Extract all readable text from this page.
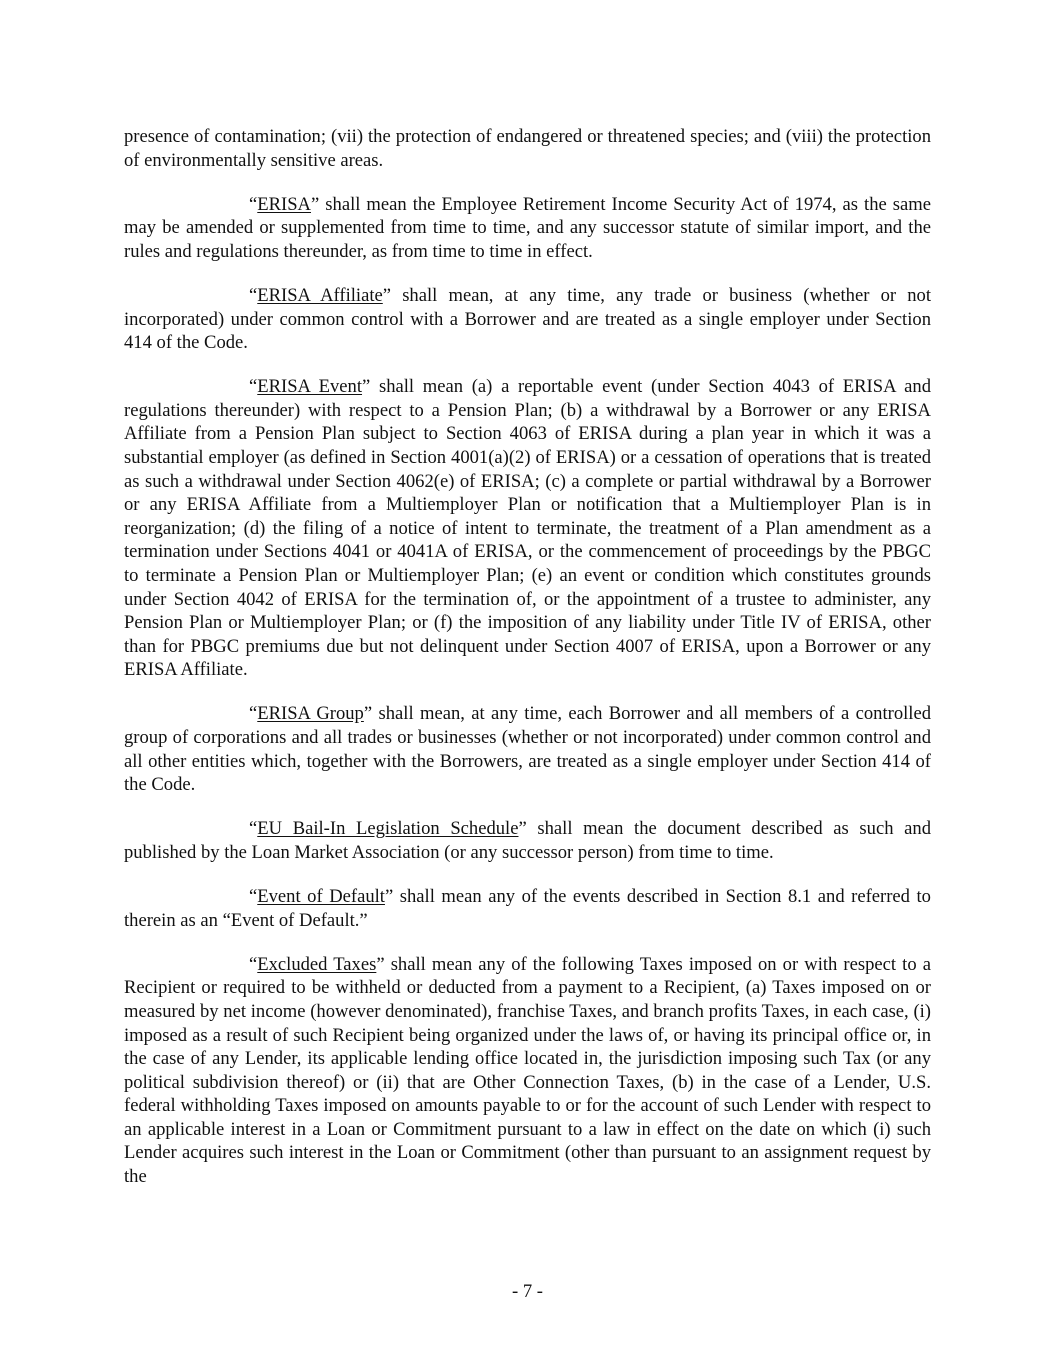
presence of contamination; (vii) the protection of endangered or threatened species; and (viii) the protection of environmentally sensitive areas.

“ERISA” shall mean the Employee Retirement Income Security Act of 1974, as the same may be amended or supplemented from time to time, and any successor statute of similar import, and the rules and regulations thereunder, as from time to time in effect.

“ERISA Affiliate” shall mean, at any time, any trade or business (whether or not incorporated) under common control with a Borrower and are treated as a single employer under Section 414 of the Code.

“ERISA Event” shall mean (a) a reportable event (under Section 4043 of ERISA and regulations thereunder) with respect to a Pension Plan; (b) a withdrawal by a Borrower or any ERISA Affiliate from a Pension Plan subject to Section 4063 of ERISA during a plan year in which it was a substantial employer (as defined in Section 4001(a)(2) of ERISA) or a cessation of operations that is treated as such a withdrawal under Section 4062(e) of ERISA; (c) a complete or partial withdrawal by a Borrower or any ERISA Affiliate from a Multiemployer Plan or notification that a Multiemployer Plan is in reorganization; (d) the filing of a notice of intent to terminate, the treatment of a Plan amendment as a termination under Sections 4041 or 4041A of ERISA, or the commencement of proceedings by the PBGC to terminate a Pension Plan or Multiemployer Plan; (e) an event or condition which constitutes grounds under Section 4042 of ERISA for the termination of, or the appointment of a trustee to administer, any Pension Plan or Multiemployer Plan; or (f) the imposition of any liability under Title IV of ERISA, other than for PBGC premiums due but not delinquent under Section 4007 of ERISA, upon a Borrower or any ERISA Affiliate.

“ERISA Group” shall mean, at any time, each Borrower and all members of a controlled group of corporations and all trades or businesses (whether or not incorporated) under common control and all other entities which, together with the Borrowers, are treated as a single employer under Section 414 of the Code.

“EU Bail-In Legislation Schedule” shall mean the document described as such and published by the Loan Market Association (or any successor person) from time to time.

“Event of Default” shall mean any of the events described in Section 8.1 and referred to therein as an “Event of Default.”

“Excluded Taxes” shall mean any of the following Taxes imposed on or with respect to a Recipient or required to be withheld or deducted from a payment to a Recipient, (a) Taxes imposed on or measured by net income (however denominated), franchise Taxes, and branch profits Taxes, in each case, (i) imposed as a result of such Recipient being organized under the laws of, or having its principal office or, in the case of any Lender, its applicable lending office located in, the jurisdiction imposing such Tax (or any political subdivision thereof) or (ii) that are Other Connection Taxes, (b) in the case of a Lender, U.S. federal withholding Taxes imposed on amounts payable to or for the account of such Lender with respect to an applicable interest in a Loan or Commitment pursuant to a law in effect on the date on which (i) such Lender acquires such interest in the Loan or Commitment (other than pursuant to an assignment request by the

- 7 -
